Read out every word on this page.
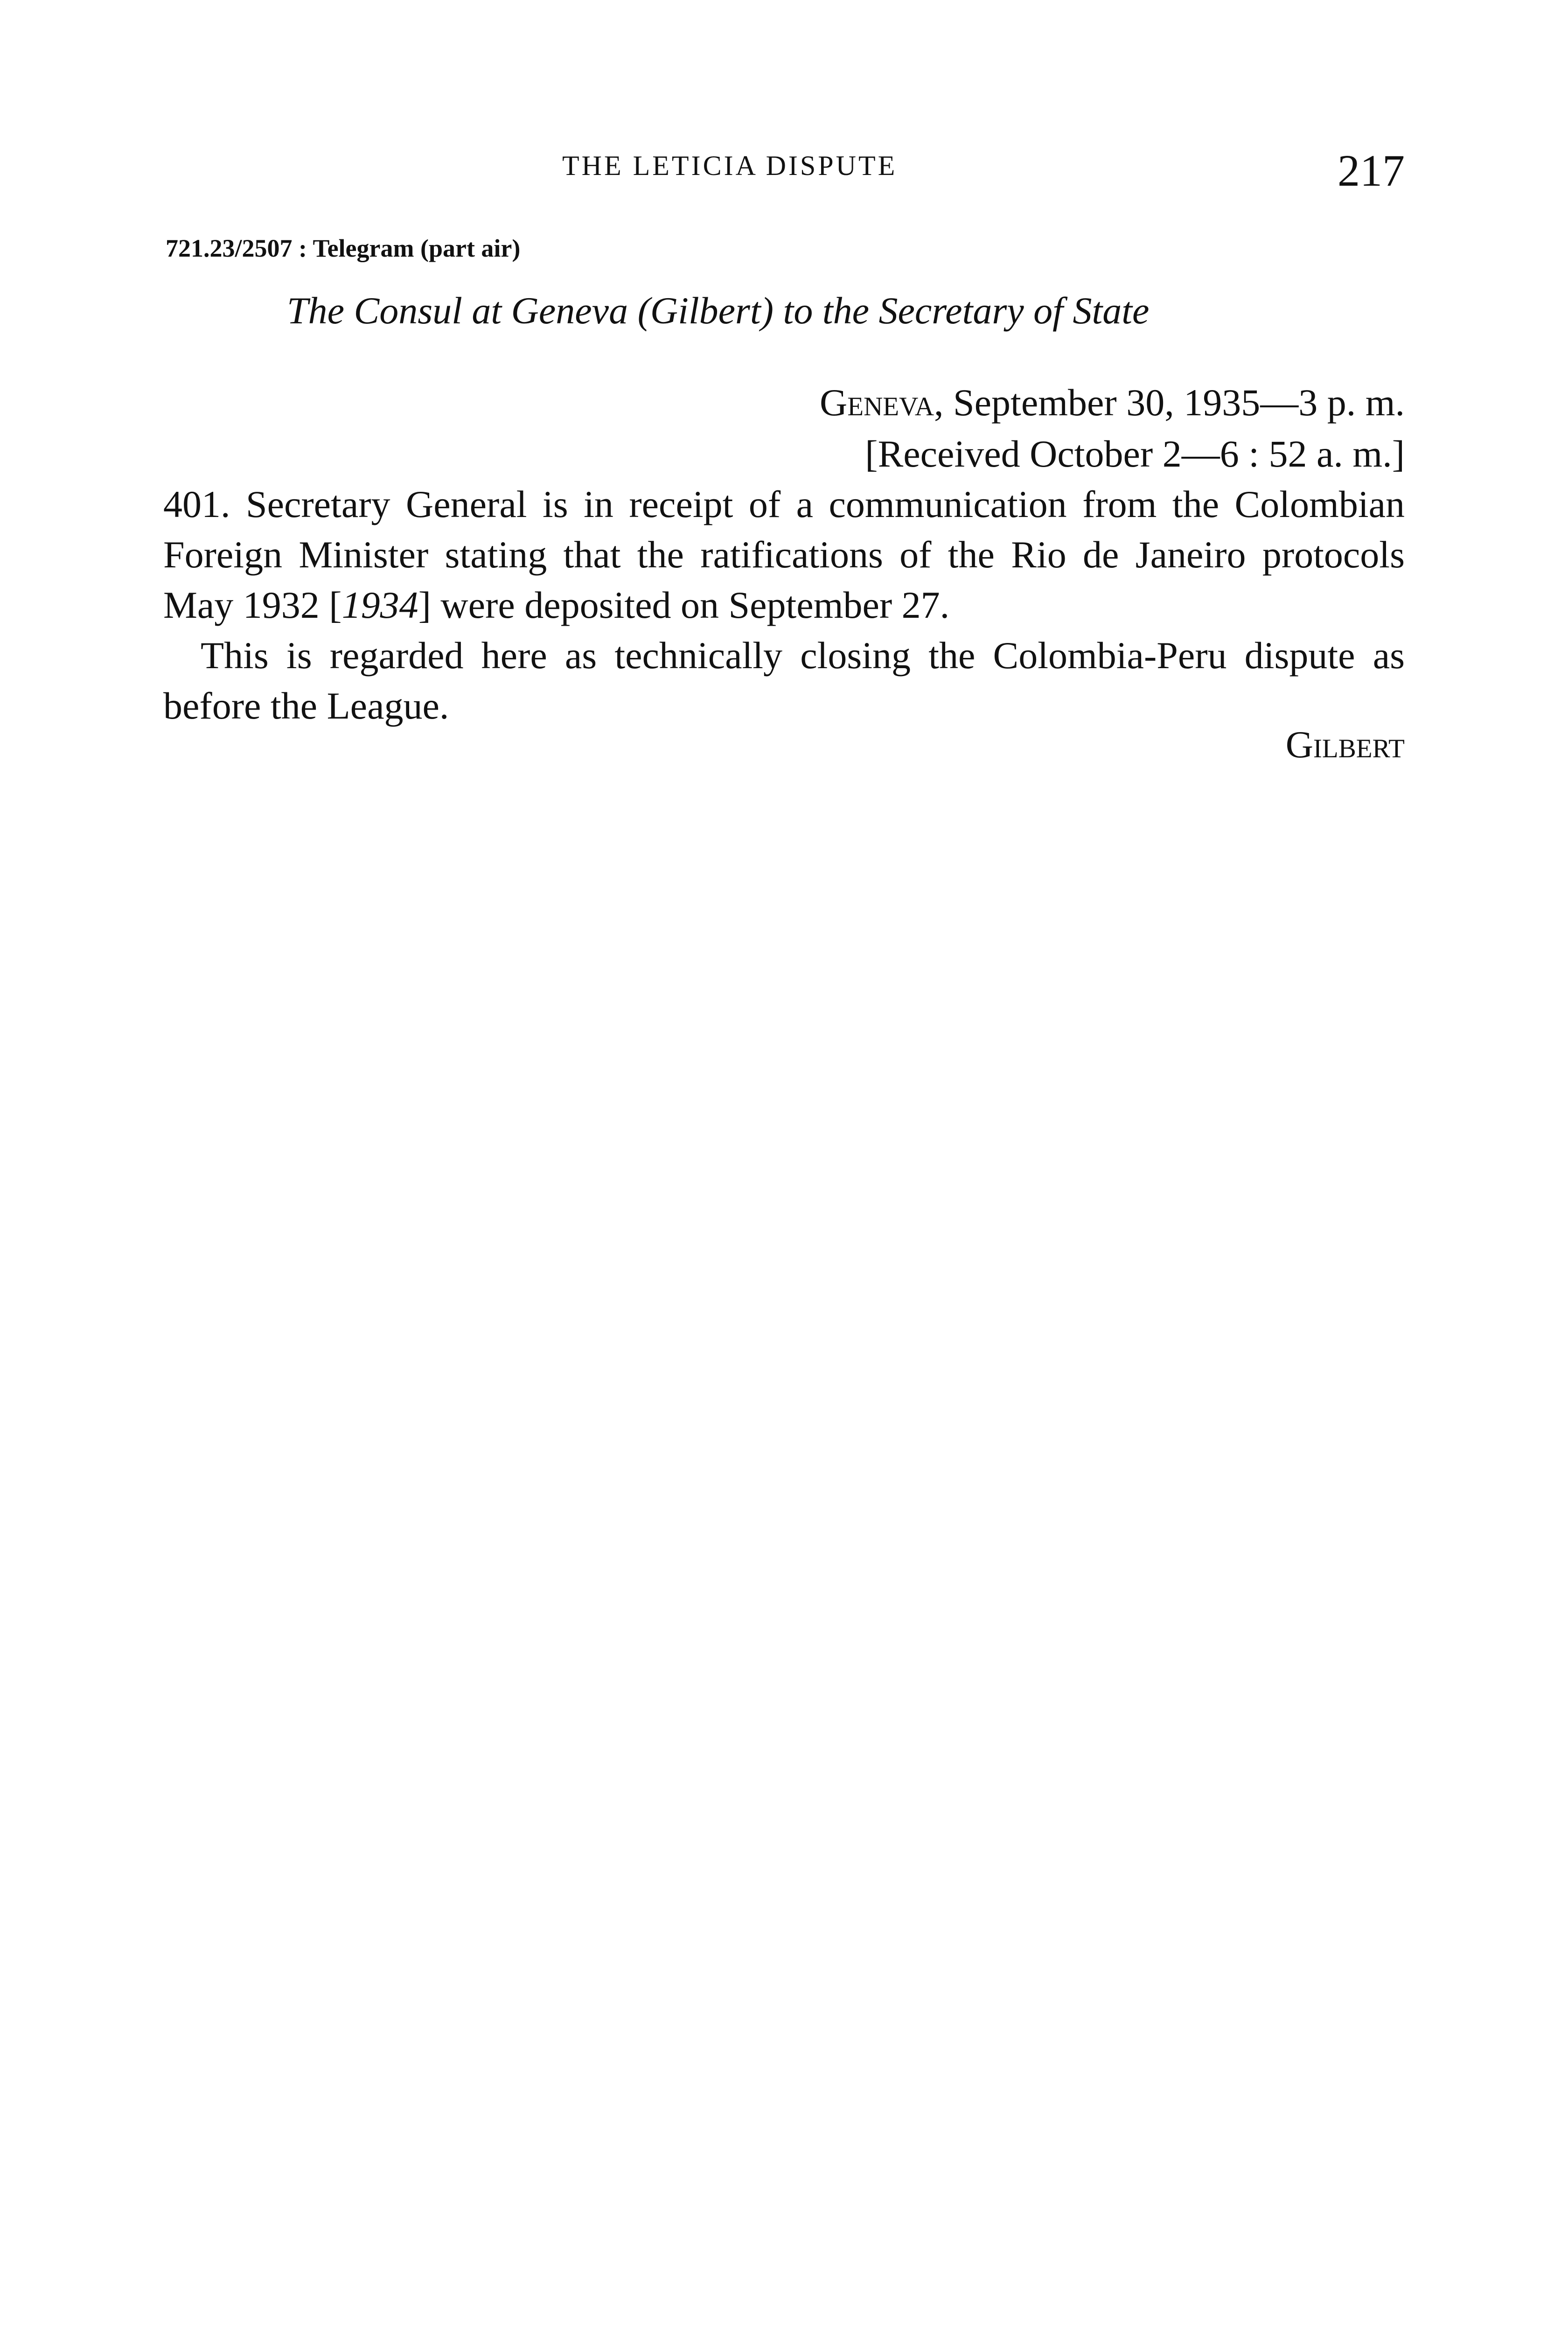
THE LETICIA DISPUTE	217
721.23/2507 : Telegram (part air)
The Consul at Geneva (Gilbert) to the Secretary of State
Geneva, September 30, 1935—3 p. m.
[Received October 2—6 : 52 a. m.]
401. Secretary General is in receipt of a communication from the Colombian Foreign Minister stating that the ratifications of the Rio de Janeiro protocols May 1932 [1934] were deposited on September 27.
This is regarded here as technically closing the Colombia-Peru dispute as before the League.
Gilbert
